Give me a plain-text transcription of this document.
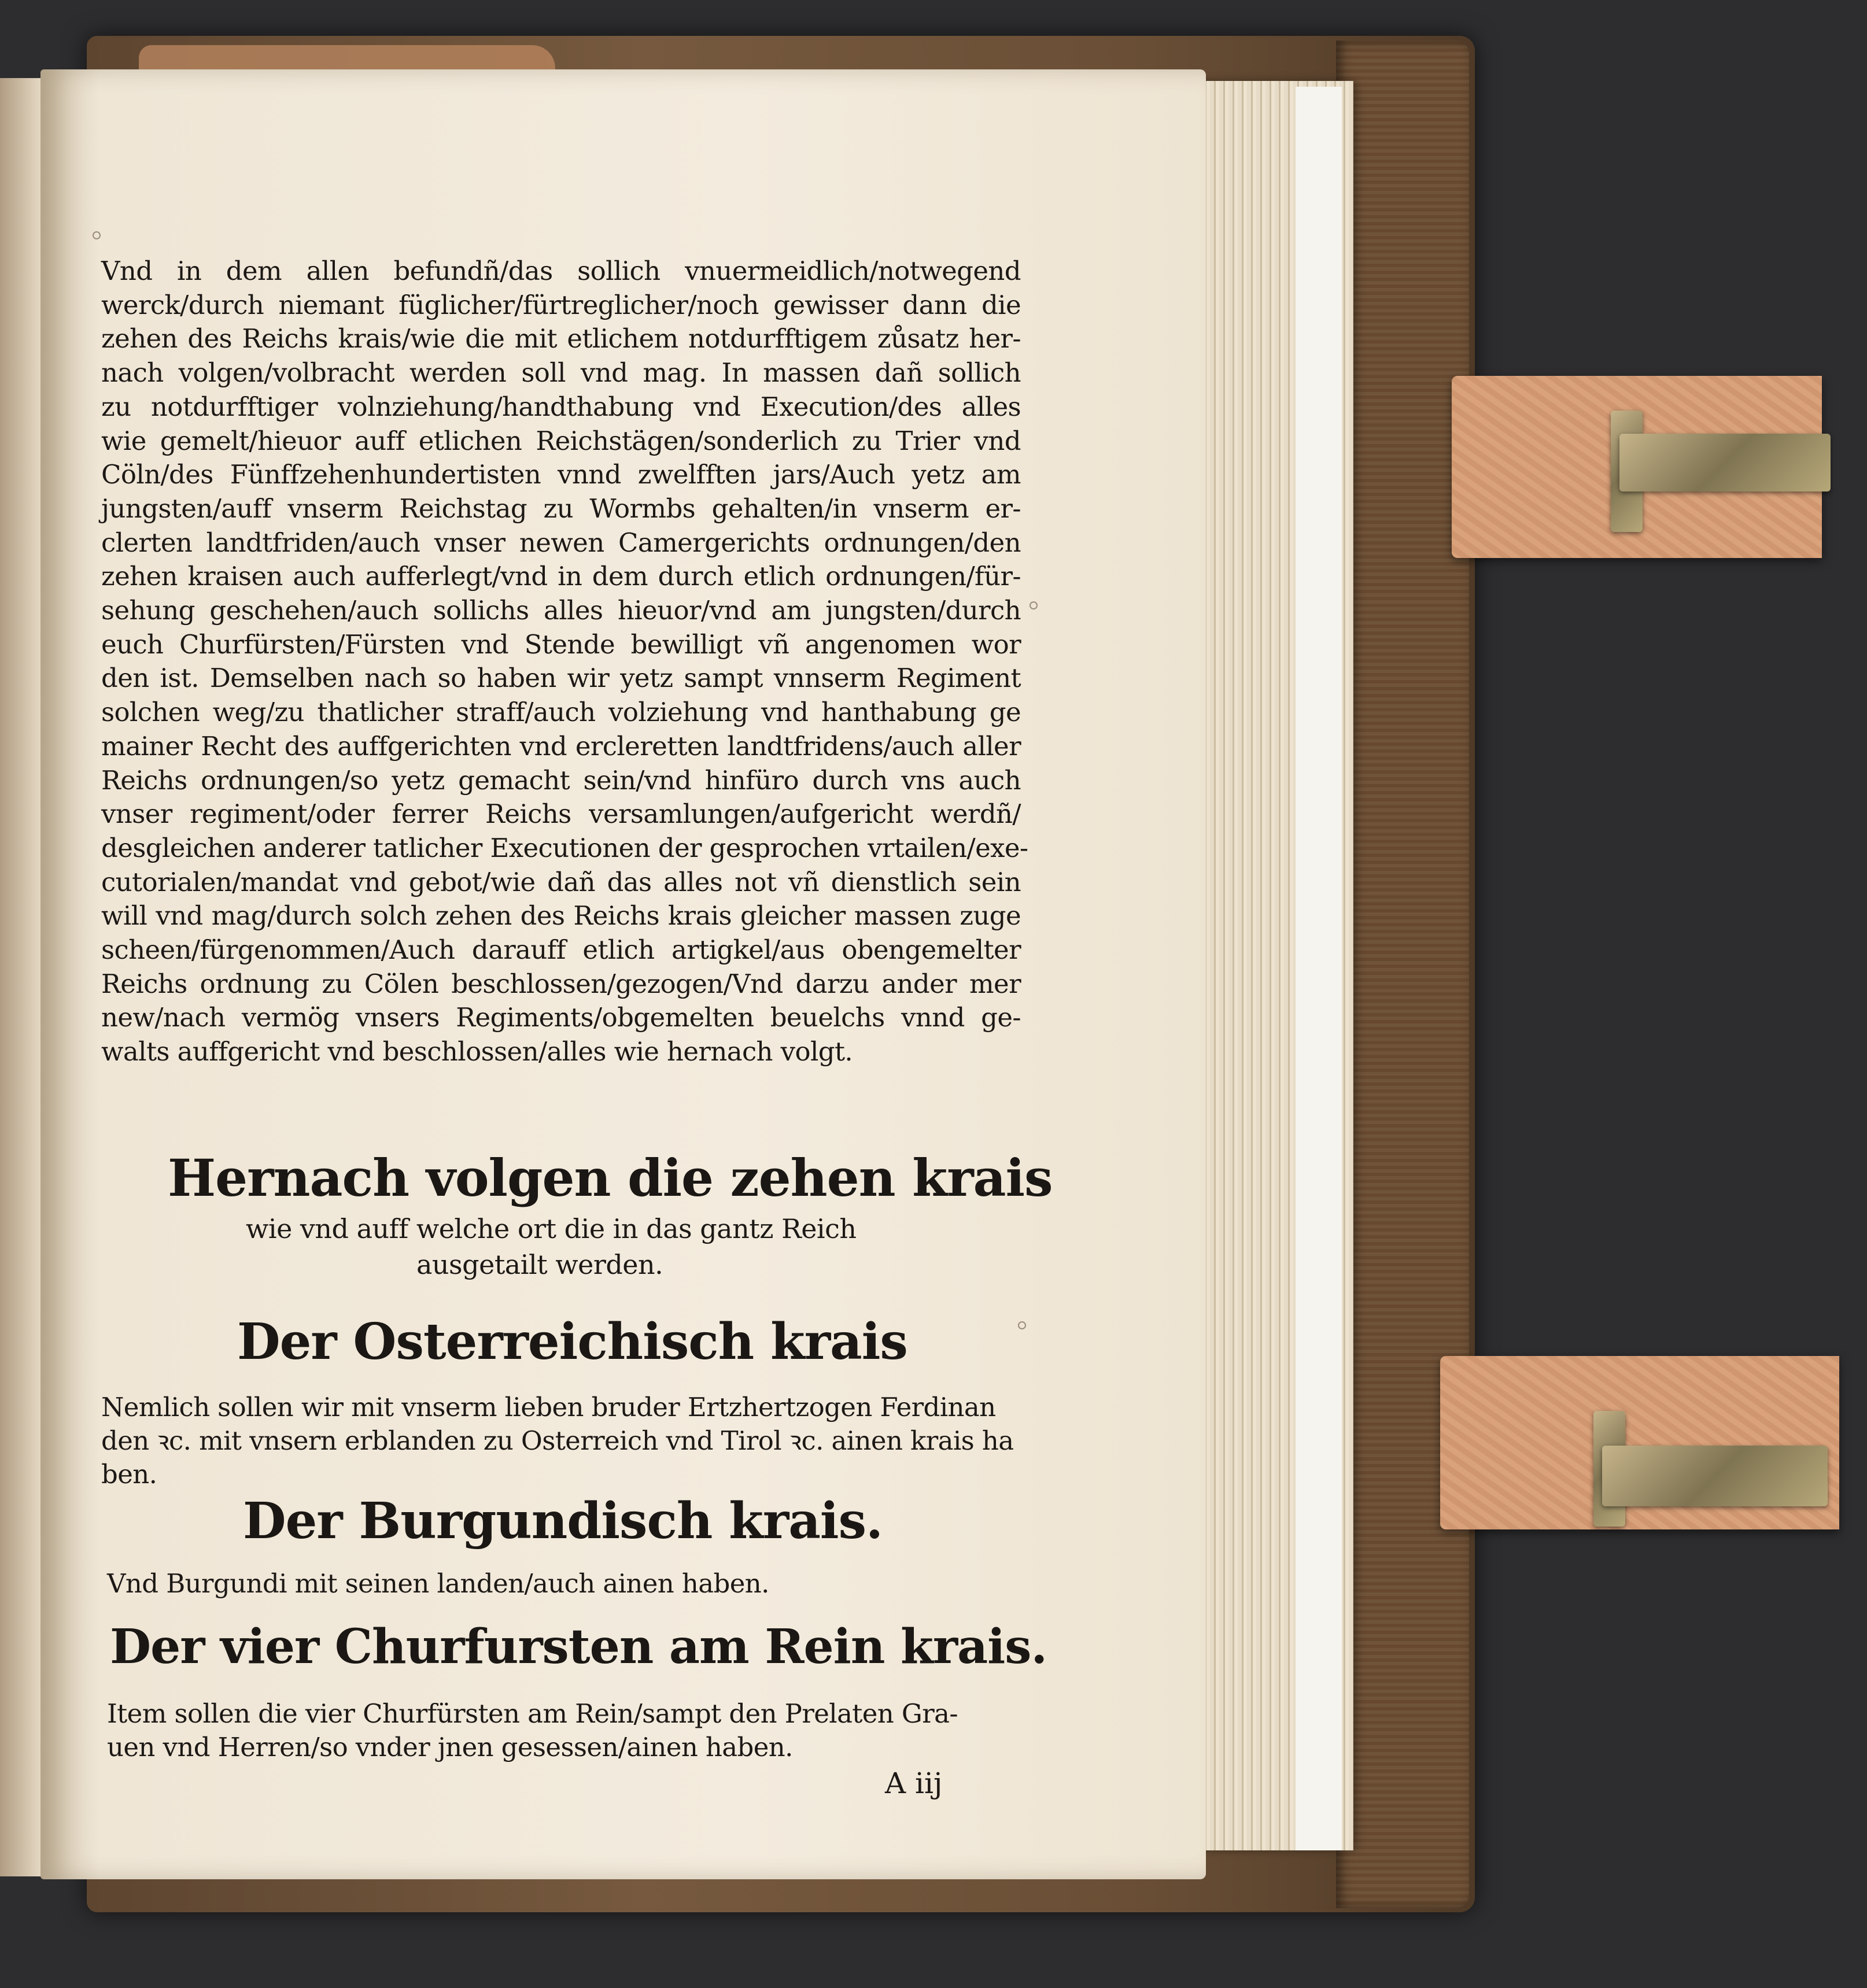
Vnd in dem allen befundñ/das sollich vnuermeidlich/notwegend
werck/durch niemant füglicher/fürtreglicher/noch gewisser dann die
zehen des Reichs krais/wie die mit etlichem notdurfftigem zůsatz her-
nach volgen/volbracht werden soll vnd mag. In massen dañ sollich
zu notdurfftiger volnziehung/handthabung vnd Execution/des alles
wie gemelt/hieuor auff etlichen Reichstägen/sonderlich zu Trier vnd
Cöln/des Fünffzehenhundertisten vnnd zwelfften jars/Auch yetz am
jungsten/auff vnserm Reichstag zu Wormbs gehalten/in vnserm er-
clerten landtfriden/auch vnser newen Camergerichts ordnungen/den
zehen kraisen auch aufferlegt/vnd in dem durch etlich ordnungen/für-
sehung geschehen/auch sollichs alles hieuor/vnd am jungsten/durch
euch Churfürsten/Fürsten vnd Stende bewilligt vñ angenomen wor
den ist. Demselben nach so haben wir yetz sampt vnnserm Regiment
solchen weg/zu thatlicher straff/auch volziehung vnd hanthabung ge
mainer Recht des auffgerichten vnd ercleretten landtfridens/auch aller
Reichs ordnungen/so yetz gemacht sein/vnd hinfüro durch vns auch
vnser regiment/oder ferrer Reichs versamlungen/aufgericht werdñ/
desgleichen anderer tatlicher Executionen der gesprochen vrtailen/exe-
cutorialen/mandat vnd gebot/wie dañ das alles not vñ dienstlich sein
will vnd mag/durch solch zehen des Reichs krais gleicher massen zuge
scheen/fürgenommen/Auch darauff etlich artigkel/aus obengemelter
Reichs ordnung zu Cölen beschlossen/gezogen/Vnd darzu ander mer
new/nach vermög vnsers Regiments/obgemelten beuelchs vnnd ge-
walts auffgericht vnd beschlossen/alles wie hernach volgt.
Hernach volgen die zehen krais
wie vnd auff welche ort die in das gantz Reich
ausgetailt werden.
Der Osterreichisch krais
Nemlich sollen wir mit vnserm lieben bruder Ertzhertzogen Ferdinan
den ꝛc. mit vnsern erblanden zu Osterreich vnd Tirol ꝛc. ainen krais ha
ben.
Der Burgundisch krais.
Vnd Burgundi mit seinen landen/auch ainen haben.
Der vier Churfursten am Rein krais.
Item sollen die vier Churfürsten am Rein/sampt den Prelaten Gra-
uen vnd Herren/so vnder jnen gesessen/ainen haben.
A iij
